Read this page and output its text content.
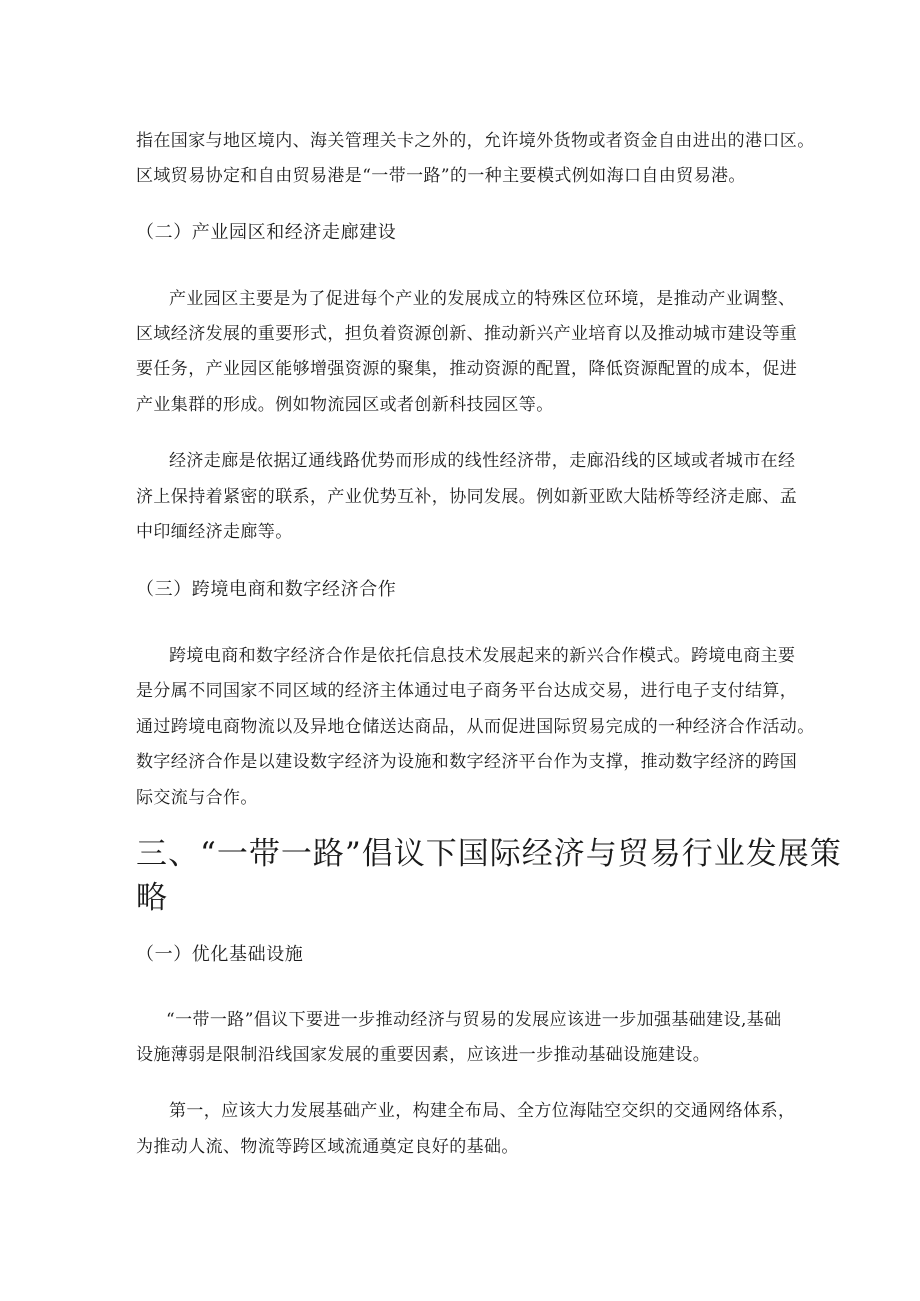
指在国家与地区境内、海关管理关卡之外的，允许境外货物或者资金自由进出的港口区。
区域贸易协定和自由贸易港是“一带一路”的一种主要模式例如海口自由贸易港。
（二）产业园区和经济走廊建设
产业园区主要是为了促进每个产业的发展成立的特殊区位环境，是推动产业调整、
区域经济发展的重要形式，担负着资源创新、推动新兴产业培育以及推动城市建设等重
要任务，产业园区能够增强资源的聚集，推动资源的配置，降低资源配置的成本，促进
产业集群的形成。例如物流园区或者创新科技园区等。
经济走廊是依据辽通线路优势而形成的线性经济带，走廊沿线的区域或者城市在经
济上保持着紧密的联系，产业优势互补，协同发展。例如新亚欧大陆桥等经济走廊、孟
中印缅经济走廊等。
（三）跨境电商和数字经济合作
跨境电商和数字经济合作是依托信息技术发展起来的新兴合作模式。跨境电商主要
是分属不同国家不同区域的经济主体通过电子商务平台达成交易，进行电子支付结算，
通过跨境电商物流以及异地仓储送达商品，从而促进国际贸易完成的一种经济合作活动。
数字经济合作是以建设数字经济为设施和数字经济平台作为支撑，推动数字经济的跨国
际交流与合作。
三、“一带一路”倡议下国际经济与贸易行业发展策
略
（一）优化基础设施
“一带一路”倡议下要进一步推动经济与贸易的发展应该进一步加强基础建设,基础
设施薄弱是限制沿线国家发展的重要因素，应该进一步推动基础设施建设。
第一，应该大力发展基础产业，构建全布局、全方位海陆空交织的交通网络体系，
为推动人流、物流等跨区域流通奠定良好的基础。
